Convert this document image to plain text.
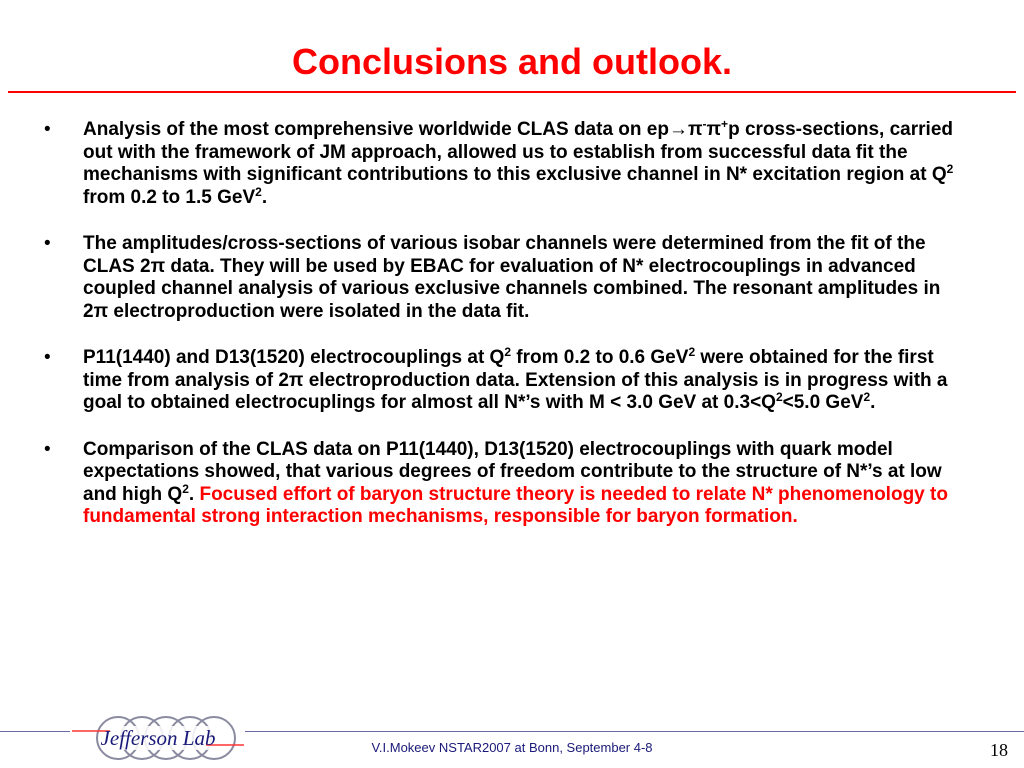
Conclusions and outlook.
• Analysis of the most comprehensive worldwide CLAS data on ep→π-π+p cross-sections, carried out with the framework of JM approach, allowed us to establish from successful data fit the mechanisms with significant contributions to this exclusive channel in N* excitation region at $Q^2$ from 0.2 to 1.5 GeV$^2$.
• The amplitudes/cross-sections of various isobar channels were determined from the fit of the CLAS 2π data. They will be used by EBAC for evaluation of N* electrocouplings in advanced coupled channel analysis of various exclusive channels combined. The resonant amplitudes in 2π electroproduction were isolated in the data fit.
• P11(1440) and D13(1520) electrocouplings at $Q^2$ from 0.2 to 0.6 GeV$^2$ were obtained for the first time from analysis of 2π electroproduction data. Extension of this analysis is in progress with a goal to obtained electrocuplings for almost all N*’s with M < 3.0 GeV at $0.3<Q^2<5.0$ GeV$^2$.
• Comparison of the CLAS data on P11(1440), D13(1520) electrocouplings with quark model expectations showed, that various degrees of freedom contribute to the structure of N*’s at low and high $Q^2$. Focused effort of baryon structure theory is needed to relate N* phenomenology to fundamental strong interaction mechanisms, responsible for baryon formation.
Jefferson Lab	V.I.Mokeev NSTAR2007 at Bonn, September 4-8	18
